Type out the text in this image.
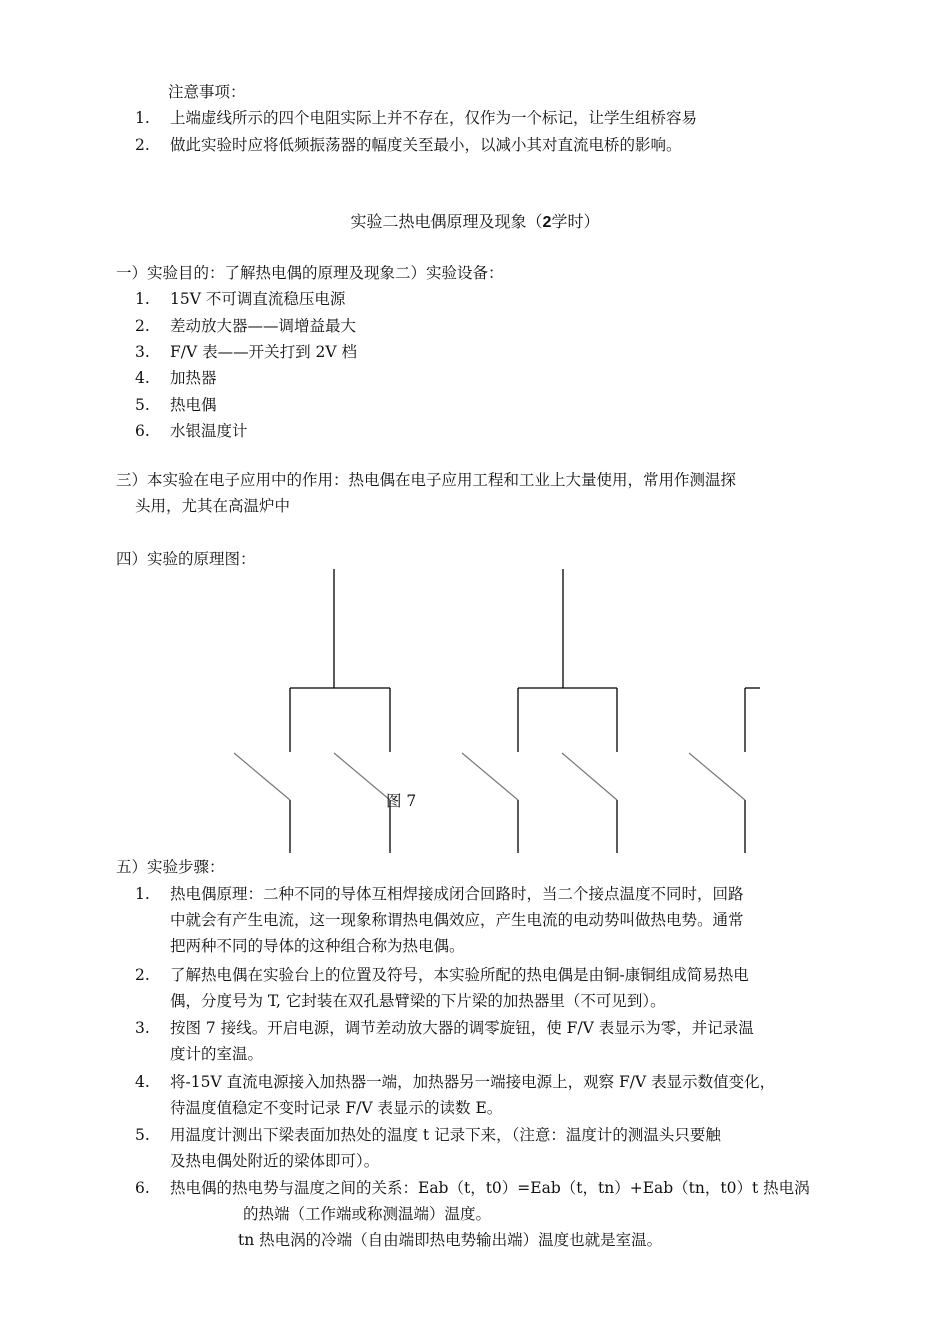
注意事项：
1. 上端虚线所示的四个电阻实际上并不存在，仅作为一个标记，让学生组桥容易
2. 做此实验时应将低频振荡器的幅度关至最小，以减小其对直流电桥的影响。
实验二热电偶原理及现象（2学时）
一）实验目的：了解热电偶的原理及现象二）实验设备：
1. 15V 不可调直流稳压电源
2. 差动放大器——调增益最大
3. F/V 表——开关打到 2V 档
4. 加热器
5. 热电偶
6. 水银温度计
三）本实验在电子应用中的作用：热电偶在电子应用工程和工业上大量使用，常用作测温探
头用，尤其在高温炉中
四）实验的原理图：
图 7
五）实验步骤：
1. 热电偶原理：二种不同的导体互相焊接成闭合回路时，当二个接点温度不同时，回路
中就会有产生电流，这一现象称谓热电偶效应，产生电流的电动势叫做热电势。通常
把两种不同的导体的这种组合称为热电偶。
2. 了解热电偶在实验台上的位置及符号，本实验所配的热电偶是由铜-康铜组成简易热电
偶，分度号为 T, 它封装在双孔悬臂梁的下片梁的加热器里（不可见到）。
3. 按图 7 接线。开启电源，调节差动放大器的调零旋钮，使 F/V 表显示为零，并记录温
度计的室温。
4. 将-15V 直流电源接入加热器一端，加热器另一端接电源上，观察 F/V 表显示数值变化，
待温度值稳定不变时记录 F/V 表显示的读数 E。
5. 用温度计测出下梁表面加热处的温度 t 记录下来，（注意：温度计的测温头只要触
及热电偶处附近的梁体即可）。
6. 热电偶的热电势与温度之间的关系：Eab（t，t0）=Eab（t，tn）+Eab（tn，t0）t 热电涡
的热端（工作端或称测温端）温度。
tn 热电涡的冷端（自由端即热电势输出端）温度也就是室温。
